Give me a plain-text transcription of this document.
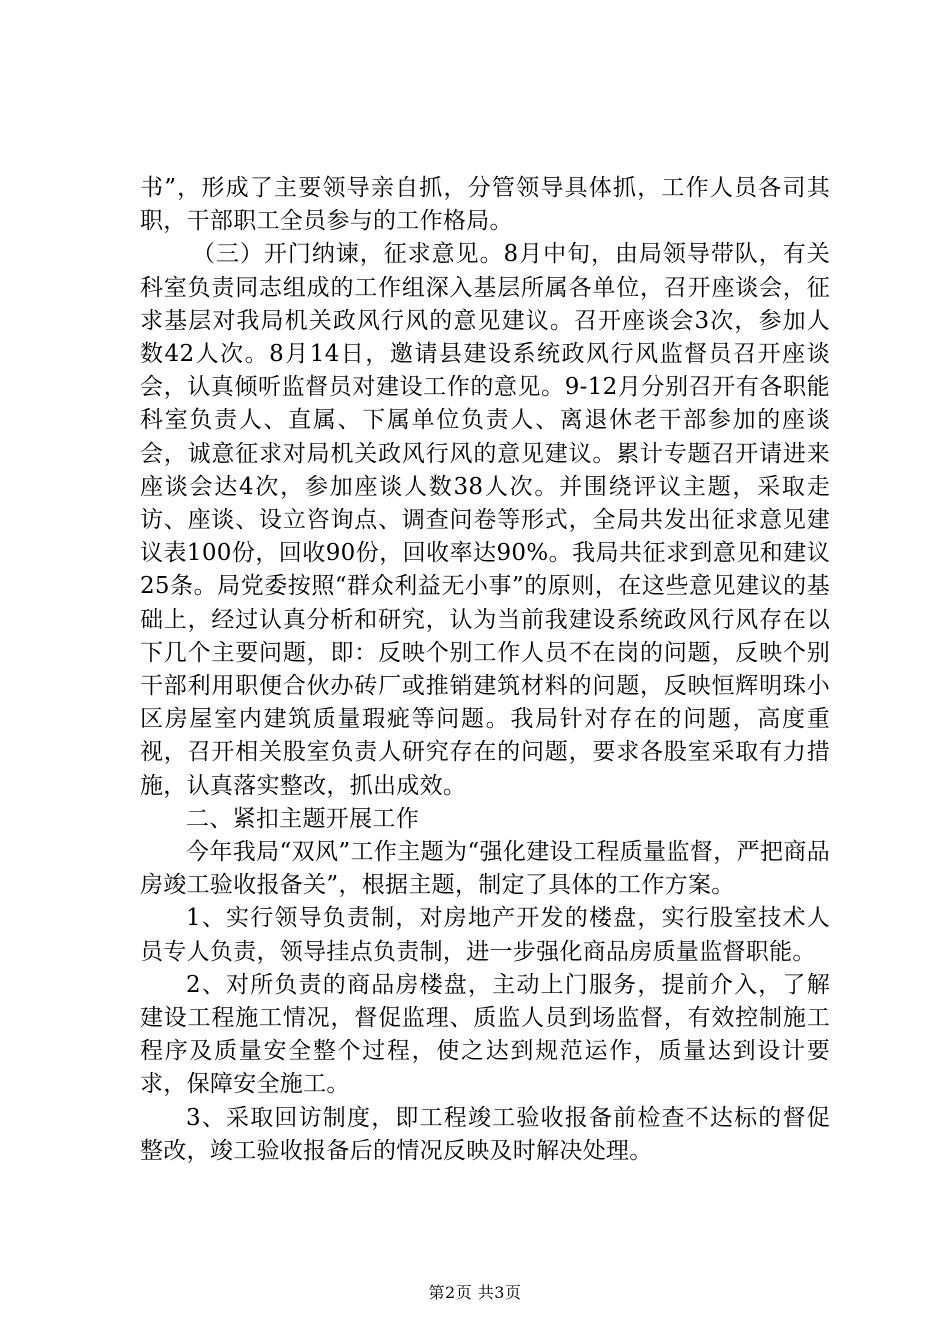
书”，形成了主要领导亲自抓，分管领导具体抓，工作人员各司其职，干部职工全员参与的工作格局。

（三）开门纳谏，征求意见。8月中旬，由局领导带队，有关科室负责同志组成的工作组深入基层所属各单位，召开座谈会，征求基层对我局机关政风行风的意见建议。召开座谈会3次，参加人数42人次。8月14日，邀请县建设系统政风行风监督员召开座谈会，认真倾听监督员对建设工作的意见。9-12月分别召开有各职能科室负责人、直属、下属单位负责人、离退休老干部参加的座谈会，诚意征求对局机关政风行风的意见建议。累计专题召开请进来座谈会达4次，参加座谈人数38人次。并围绕评议主题，采取走访、座谈、设立咨询点、调查问卷等形式，全局共发出征求意见建议表100份，回收90份，回收率达90%。我局共征求到意见和建议25条。局党委按照“群众利益无小事”的原则，在这些意见建议的基础上，经过认真分析和研究，认为当前我建设系统政风行风存在以下几个主要问题，即：反映个别工作人员不在岗的问题，反映个别干部利用职便合伙办砖厂或推销建筑材料的问题，反映恒辉明珠小区房屋室内建筑质量瑕疵等问题。我局针对存在的问题，高度重视，召开相关股室负责人研究存在的问题，要求各股室采取有力措施，认真落实整改，抓出成效。

二、紧扣主题开展工作

今年我局“双风”工作主题为“强化建设工程质量监督，严把商品房竣工验收报备关”，根据主题，制定了具体的工作方案。

1、实行领导负责制，对房地产开发的楼盘，实行股室技术人员专人负责，领导挂点负责制，进一步强化商品房质量监督职能。

2、对所负责的商品房楼盘，主动上门服务，提前介入，了解建设工程施工情况，督促监理、质监人员到场监督，有效控制施工程序及质量安全整个过程，使之达到规范运作，质量达到设计要求，保障安全施工。

3、采取回访制度，即工程竣工验收报备前检查不达标的督促整改，竣工验收报备后的情况反映及时解决处理。

第2页 共3页
